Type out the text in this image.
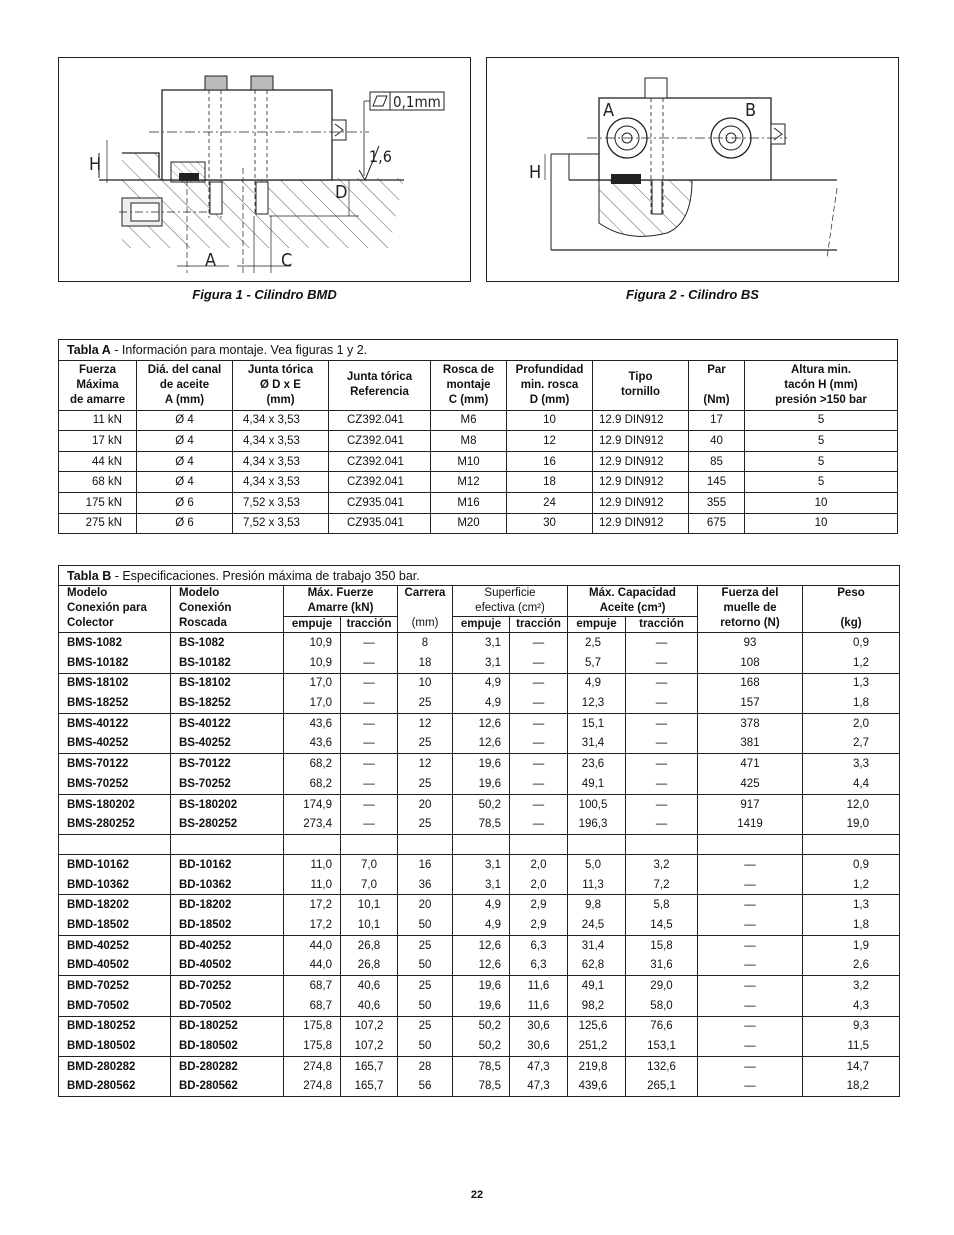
H
D
A	C
0,1mm
1,6
Figura 1 - Cilindro BMD
A	B
H
Figura 2 - Cilindro BS
Tabla A - Información para montaje. Vea figuras 1 y 2.								
Fuerza
Máxima
de amarre	Diá. del canal
de aceite
A (mm)	Junta tórica
Ø D x E
(mm)	Junta tórica
Referencia	Rosca de
montaje
C (mm)	Profundidad
min. rosca
D (mm)	Tipo
tornillo	Par

(Nm)	Altura min.
tacón H (mm)
presión >150 bar
11 kN	Ø 4	4,34 x 3,53	CZ392.041	M6	10	12.9 DIN912	17	5
17 kN	Ø 4	4,34 x 3,53	CZ392.041	M8	12	12.9 DIN912	40	5
44 kN	Ø 4	4,34 x 3,53	CZ392.041	M10	16	12.9 DIN912	85	5
68 kN	Ø 4	4,34 x 3,53	CZ392.041	M12	18	12.9 DIN912	145	5
175 kN	Ø 6	7,52 x 3,53	CZ935.041	M16	24	12.9 DIN912	355	10
275 kN	Ø 6	7,52 x 3,53	CZ935.041	M20	30	12.9 DIN912	675	10
Tabla B - Especificaciones. Presión máxima de trabajo 350 bar.										
Modelo
Conexión para
Colector	Modelo
Conexión
Roscada	Máx. Fuerze
Amarre (kN)		Carrera

(mm)	Superficie
efectiva (cm²)		Máx. Capacidad
Aceite (cm³)		Fuerza del
muelle de
retorno (N)	Peso

(kg)
		empuje	tracción		empuje	tracción	empuje	tracción		
BMS-1082	BS-1082	10,9	—	8	3,1	—	2,5	—	93	0,9
BMS-10182	BS-10182	10,9	—	18	3,1	—	5,7	—	108	1,2
BMS-18102	BS-18102	17,0	—	10	4,9	—	4,9	—	168	1,3
BMS-18252	BS-18252	17,0	—	25	4,9	—	12,3	—	157	1,8
BMS-40122	BS-40122	43,6	—	12	12,6	—	15,1	—	378	2,0
BMS-40252	BS-40252	43,6	—	25	12,6	—	31,4	—	381	2,7
BMS-70122	BS-70122	68,2	—	12	19,6	—	23,6	—	471	3,3
BMS-70252	BS-70252	68,2	—	25	19,6	—	49,1	—	425	4,4
BMS-180202	BS-180202	174,9	—	20	50,2	—	100,5	—	917	12,0
BMS-280252	BS-280252	273,4	—	25	78,5	—	196,3	—	1419	19,0

BMD-10162	BD-10162	11,0	7,0	16	3,1	2,0	5,0	3,2	—	0,9
BMD-10362	BD-10362	11,0	7,0	36	3,1	2,0	11,3	7,2	—	1,2
BMD-18202	BD-18202	17,2	10,1	20	4,9	2,9	9,8	5,8	—	1,3
BMD-18502	BD-18502	17,2	10,1	50	4,9	2,9	24,5	14,5	—	1,8
BMD-40252	BD-40252	44,0	26,8	25	12,6	6,3	31,4	15,8	—	1,9
BMD-40502	BD-40502	44,0	26,8	50	12,6	6,3	62,8	31,6	—	2,6
BMD-70252	BD-70252	68,7	40,6	25	19,6	11,6	49,1	29,0	—	3,2
BMD-70502	BD-70502	68,7	40,6	50	19,6	11,6	98,2	58,0	—	4,3
BMD-180252	BD-180252	175,8	107,2	25	50,2	30,6	125,6	76,6	—	9,3
BMD-180502	BD-180502	175,8	107,2	50	50,2	30,6	251,2	153,1	—	11,5
BMD-280282	BD-280282	274,8	165,7	28	78,5	47,3	219,8	132,6	—	14,7
BMD-280562	BD-280562	274,8	165,7	56	78,5	47,3	439,6	265,1	—	18,2
22
